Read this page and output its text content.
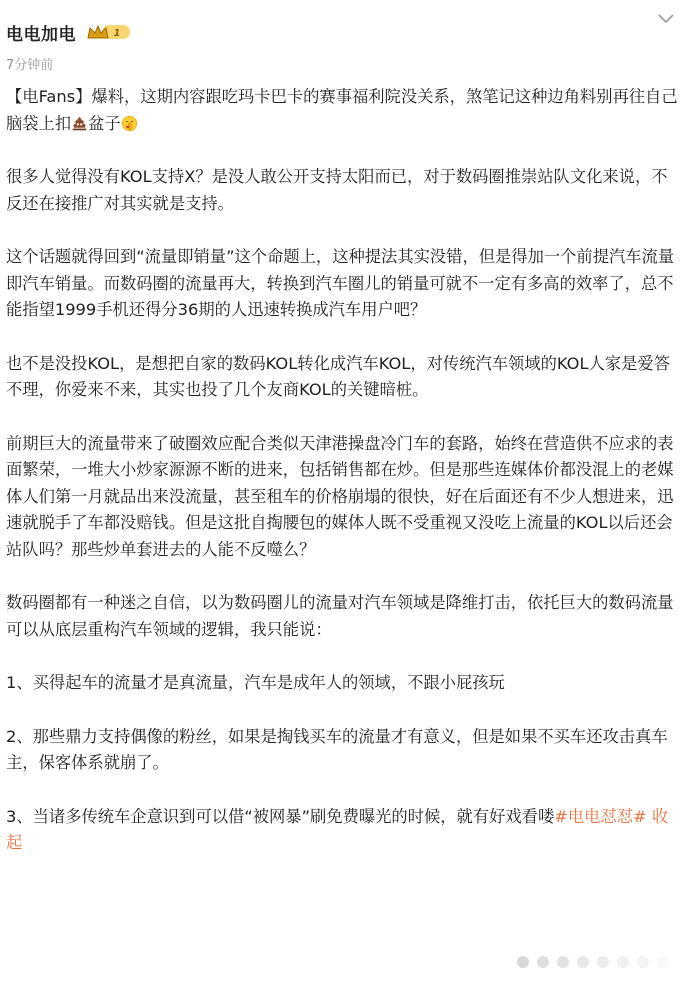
电电加电	1
7分钟前

【电Fans】爆料，这期内容跟吃玛卡巴卡的赛事福利院没关系，煞笔记这种边角料别再往自己脑袋上扣 盆子

很多人觉得没有KOL支持X？是没人敢公开支持太阳而已，对于数码圈推崇站队文化来说，不反还在接推广对其实就是支持。

这个话题就得回到“流量即销量”这个命题上，这种提法其实没错，但是得加一个前提汽车流量即汽车销量。而数码圈的流量再大，转换到汽车圈儿的销量可就不一定有多高的效率了，总不能指望1999手机还得分36期的人迅速转换成汽车用户吧？

也不是没投KOL，是想把自家的数码KOL转化成汽车KOL，对传统汽车领域的KOL人家是爱答不理，你爱来不来，其实也投了几个友商KOL的关键暗桩。

前期巨大的流量带来了破圈效应配合类似天津港操盘冷门车的套路，始终在营造供不应求的表面繁荣，一堆大小炒家源源不断的进来，包括销售都在炒。但是那些连媒体价都没混上的老媒体人们第一月就品出来没流量，甚至租车的价格崩塌的很快，好在后面还有不少人想进来，迅速就脱手了车都没赔钱。但是这批自掏腰包的媒体人既不受重视又没吃上流量的KOL以后还会站队吗？那些炒单套进去的人能不反噬么？

数码圈都有一种迷之自信，以为数码圈儿的流量对汽车领域是降维打击，依托巨大的数码流量可以从底层重构汽车领域的逻辑，我只能说：

1、买得起车的流量才是真流量，汽车是成年人的领域，不跟小屁孩玩

2、那些鼎力支持偶像的粉丝，如果是掏钱买车的流量才有意义，但是如果不买车还攻击真车主，保客体系就崩了。

3、当诸多传统车企意识到可以借“被网暴”刷免费曝光的时候，就有好戏看喽#电电怼怼# 收起
